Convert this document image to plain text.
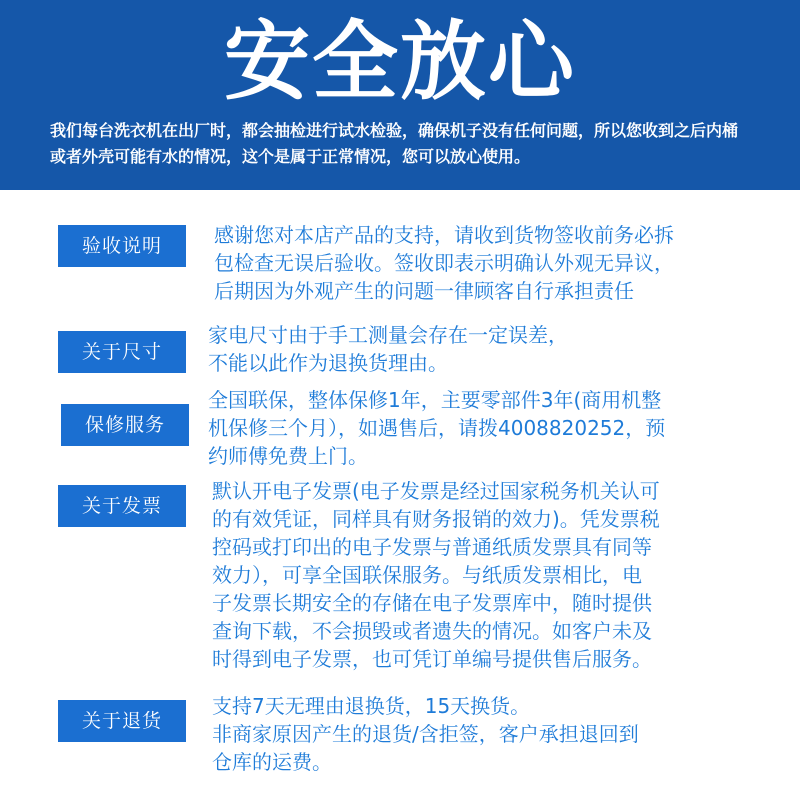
安全放心
我们每台洗衣机在出厂时，都会抽检进行试水检验，确保机子没有任何问题，所以您收到之后内桶或者外壳可能有水的情况，这个是属于正常情况，您可以放心使用。
验收说明	感谢您对本店产品的支持，请收到货物签收前务必拆
包检查无误后验收。签收即表示明确认外观无异议，
后期因为外观产生的问题一律顾客自行承担责任
关于尺寸
家电尺寸由于手工测量会存在一定误差，
不能以此作为退换货理由。
保修服务
全国联保，整体保修1年，主要零部件3年(商用机整
机保修三个月），如遇售后，请拨4008820252，预
约师傅免费上门。
关于发票
默认开电子发票(电子发票是经过国家税务机关认可
的有效凭证，同样具有财务报销的效力)。凭发票税
控码或打印出的电子发票与普通纸质发票具有同等
效力），可享全国联保服务。与纸质发票相比，电
子发票长期安全的存储在电子发票库中，随时提供
查询下载，不会损毁或者遗失的情况。如客户未及
时得到电子发票，也可凭订单编号提供售后服务。
关于退货
支持7天无理由退换货，15天换货。
非商家原因产生的退货/含拒签，客户承担退回到
仓库的运费。
